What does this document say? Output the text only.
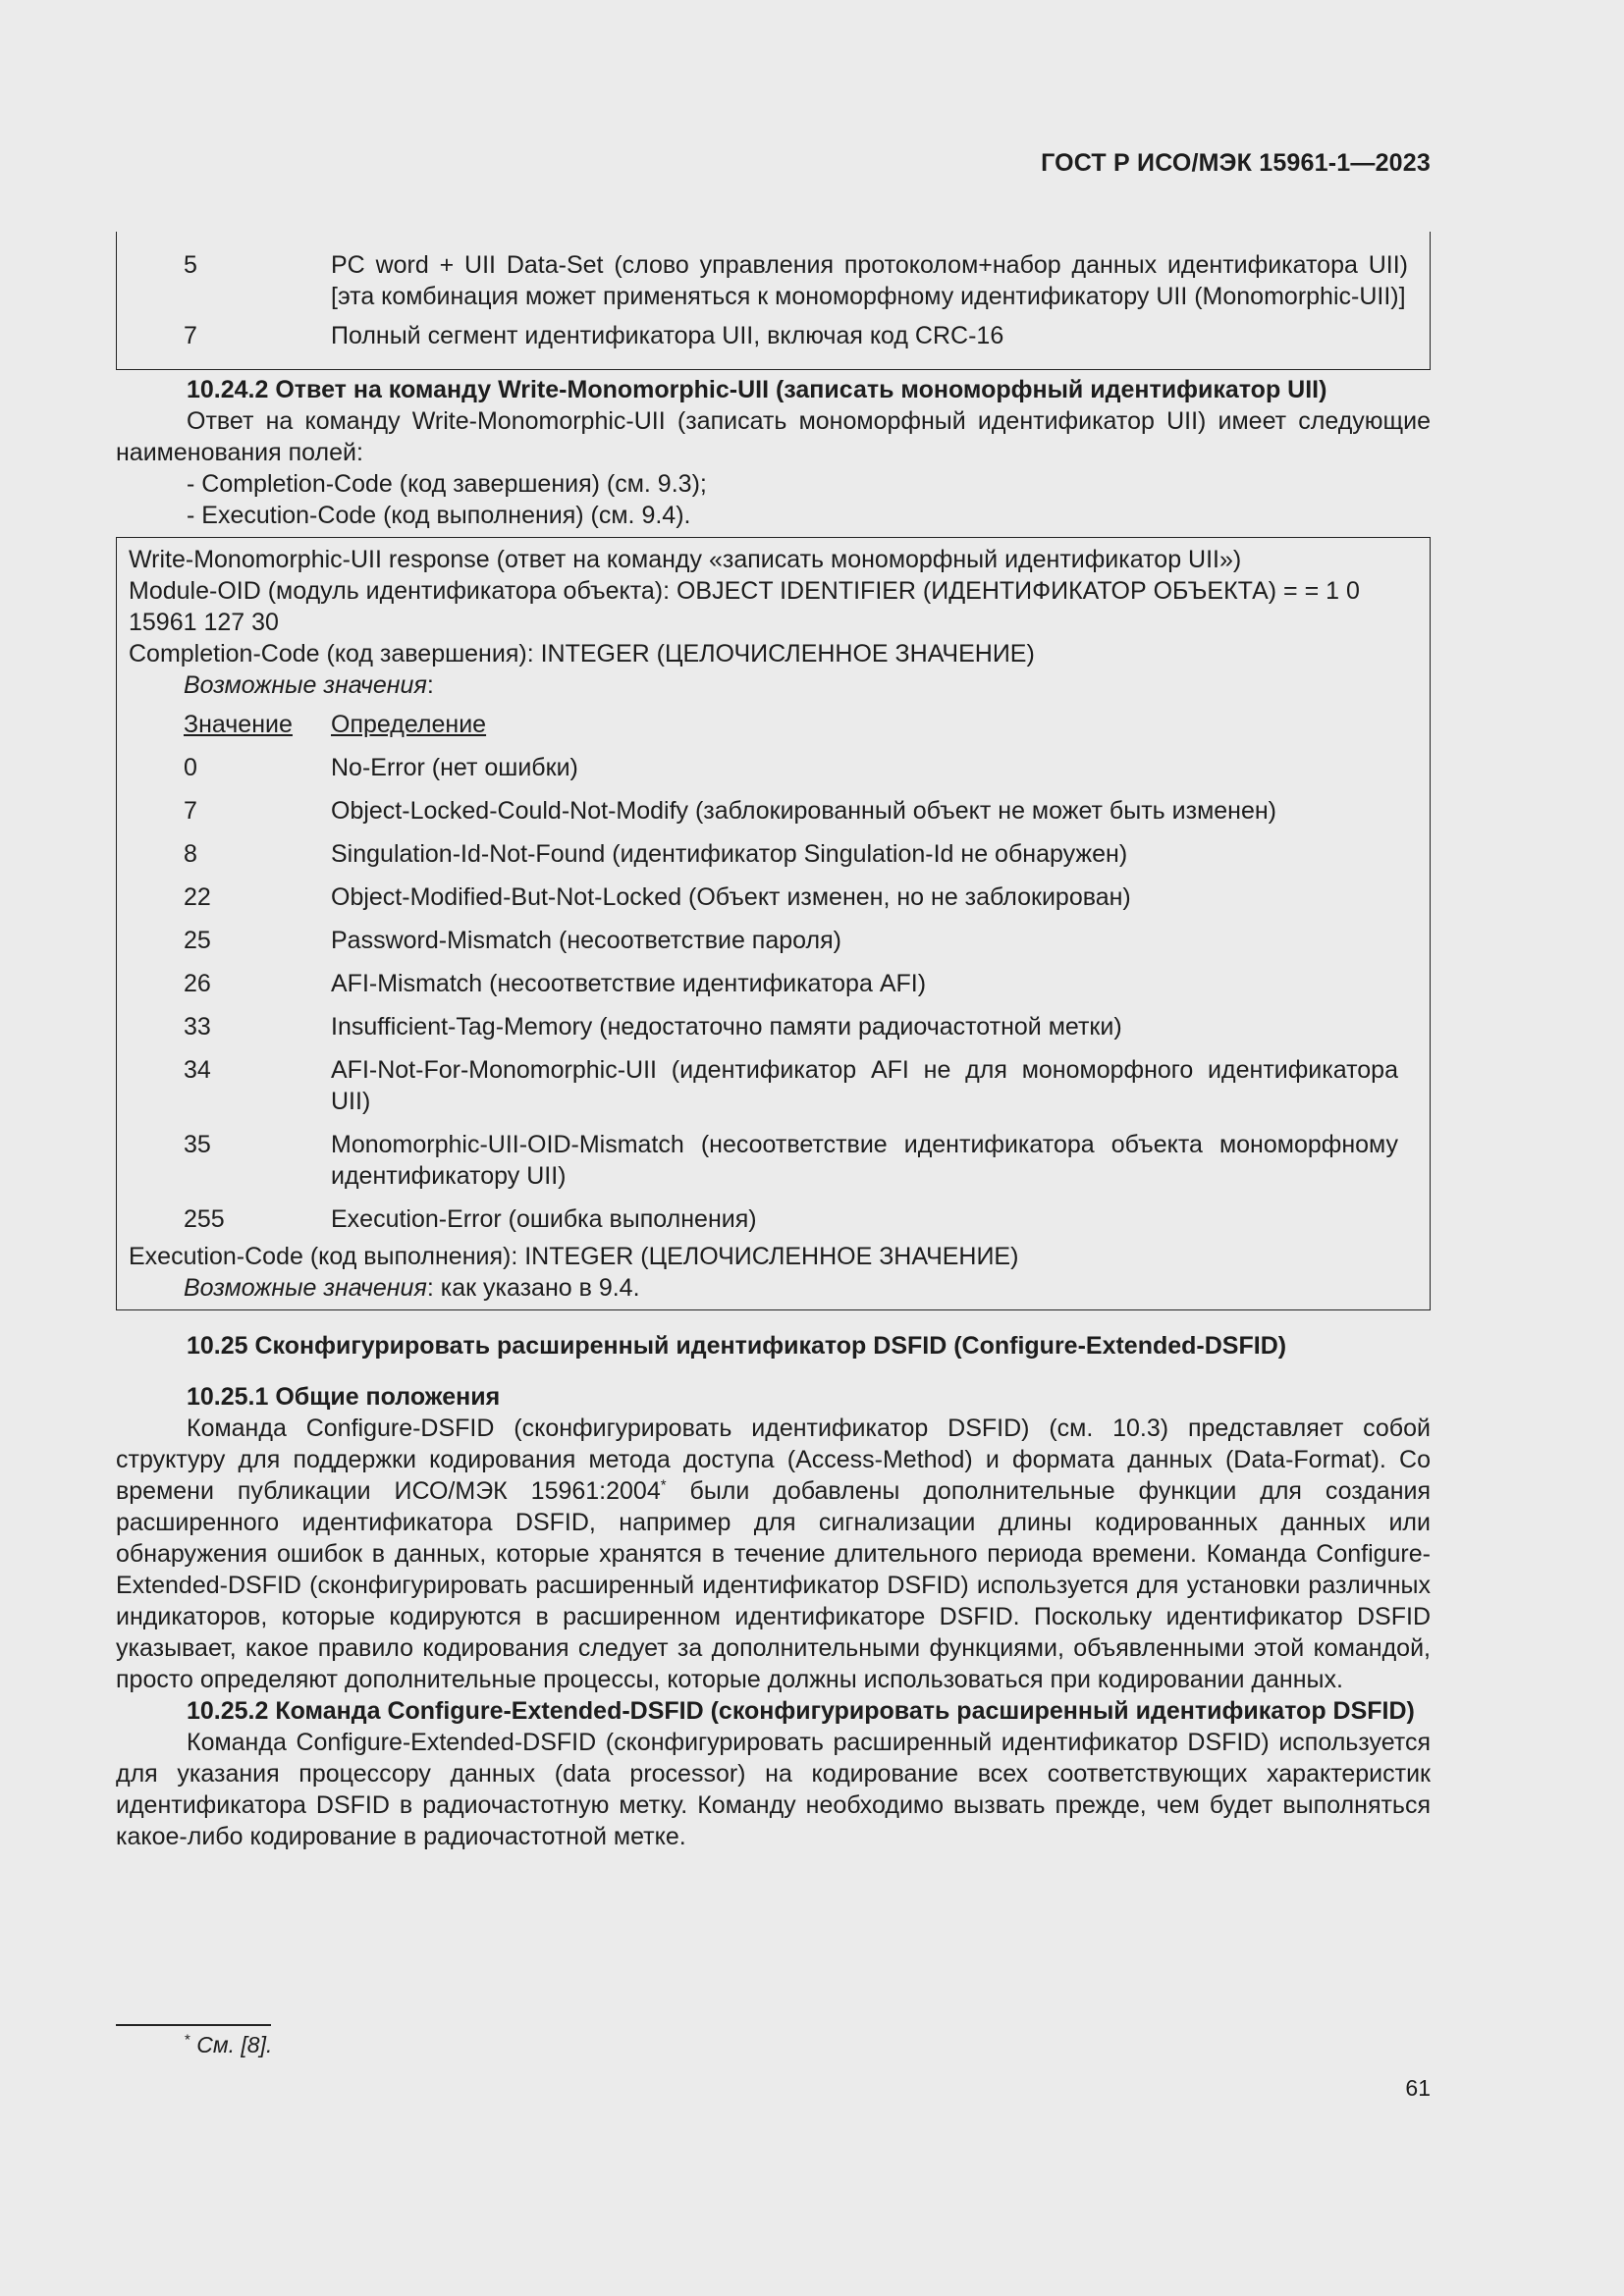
ГОСТ Р ИСО/МЭК 15961-1—2023
5	PC word + UII Data-Set (слово управления протоколом+набор данных идентификатора UII) [эта комбинация может применяться к мономорфному идентификатору UII (Monomorphic-UII)]
7	Полный сегмент идентификатора UII, включая код CRC-16
10.24.2 Ответ на команду Write-Monomorphic-UII (записать мономорфный идентификатор UII)
Ответ на команду Write-Monomorphic-UII (записать мономорфный идентификатор UII) имеет следующие наименования полей:
- Completion-Code (код завершения) (см. 9.3);
- Execution-Code (код выполнения) (см. 9.4).
Write-Monomorphic-UII response (ответ на команду «записать мономорфный идентификатор UII»)
Module-OID (модуль идентификатора объекта): OBJECT IDENTIFIER (ИДЕНТИФИКАТОР ОБЪЕКТА) = = 1 0 15961 127 30
Completion-Code (код завершения): INTEGER (ЦЕЛОЧИСЛЕННОЕ ЗНАЧЕНИЕ)
Возможные значения:
Значение	Определение
0	No-Error (нет ошибки)
7	Object-Locked-Could-Not-Modify (заблокированный объект не может быть изменен)
8	Singulation-Id-Not-Found (идентификатор Singulation-Id не обнаружен)
22	Object-Modified-But-Not-Locked (Объект изменен, но не заблокирован)
25	Password-Mismatch (несоответствие пароля)
26	AFI-Mismatch (несоответствие идентификатора AFI)
33	Insufficient-Tag-Memory (недостаточно памяти радиочастотной метки)
34	AFI-Not-For-Monomorphic-UII (идентификатор AFI не для мономорфного идентификатора UII)
35	Monomorphic-UII-OID-Mismatch (несоответствие идентификатора объекта мономорфному идентификатору UII)
255	Execution-Error (ошибка выполнения)
Execution-Code (код выполнения): INTEGER (ЦЕЛОЧИСЛЕННОЕ ЗНАЧЕНИЕ)
Возможные значения: как указано в 9.4.
10.25 Сконфигурировать расширенный идентификатор DSFID (Configure-Extended-DSFID)
10.25.1 Общие положения
Команда Configure-DSFID (сконфигурировать идентификатор DSFID) (см. 10.3) представляет собой структуру для поддержки кодирования метода доступа (Access-Method) и формата данных (Data-Format). Со времени публикации ИСО/МЭК 15961:2004* были добавлены дополнительные функции для создания расширенного идентификатора DSFID, например для сигнализации длины кодированных данных или обнаружения ошибок в данных, которые хранятся в течение длительного периода времени. Команда Configure-Extended-DSFID (сконфигурировать расширенный идентификатор DSFID) используется для установки различных индикаторов, которые кодируются в расширенном идентификаторе DSFID. Поскольку идентификатор DSFID указывает, какое правило кодирования следует за дополнительными функциями, объявленными этой командой, просто определяют дополнительные процессы, которые должны использоваться при кодировании данных.
10.25.2 Команда Configure-Extended-DSFID (сконфигурировать расширенный идентификатор DSFID)
Команда Configure-Extended-DSFID (сконфигурировать расширенный идентификатор DSFID) используется для указания процессору данных (data processor) на кодирование всех соответствующих характеристик идентификатора DSFID в радиочастотную метку. Команду необходимо вызвать прежде, чем будет выполняться какое-либо кодирование в радиочастотной метке.
* См. [8].
61
